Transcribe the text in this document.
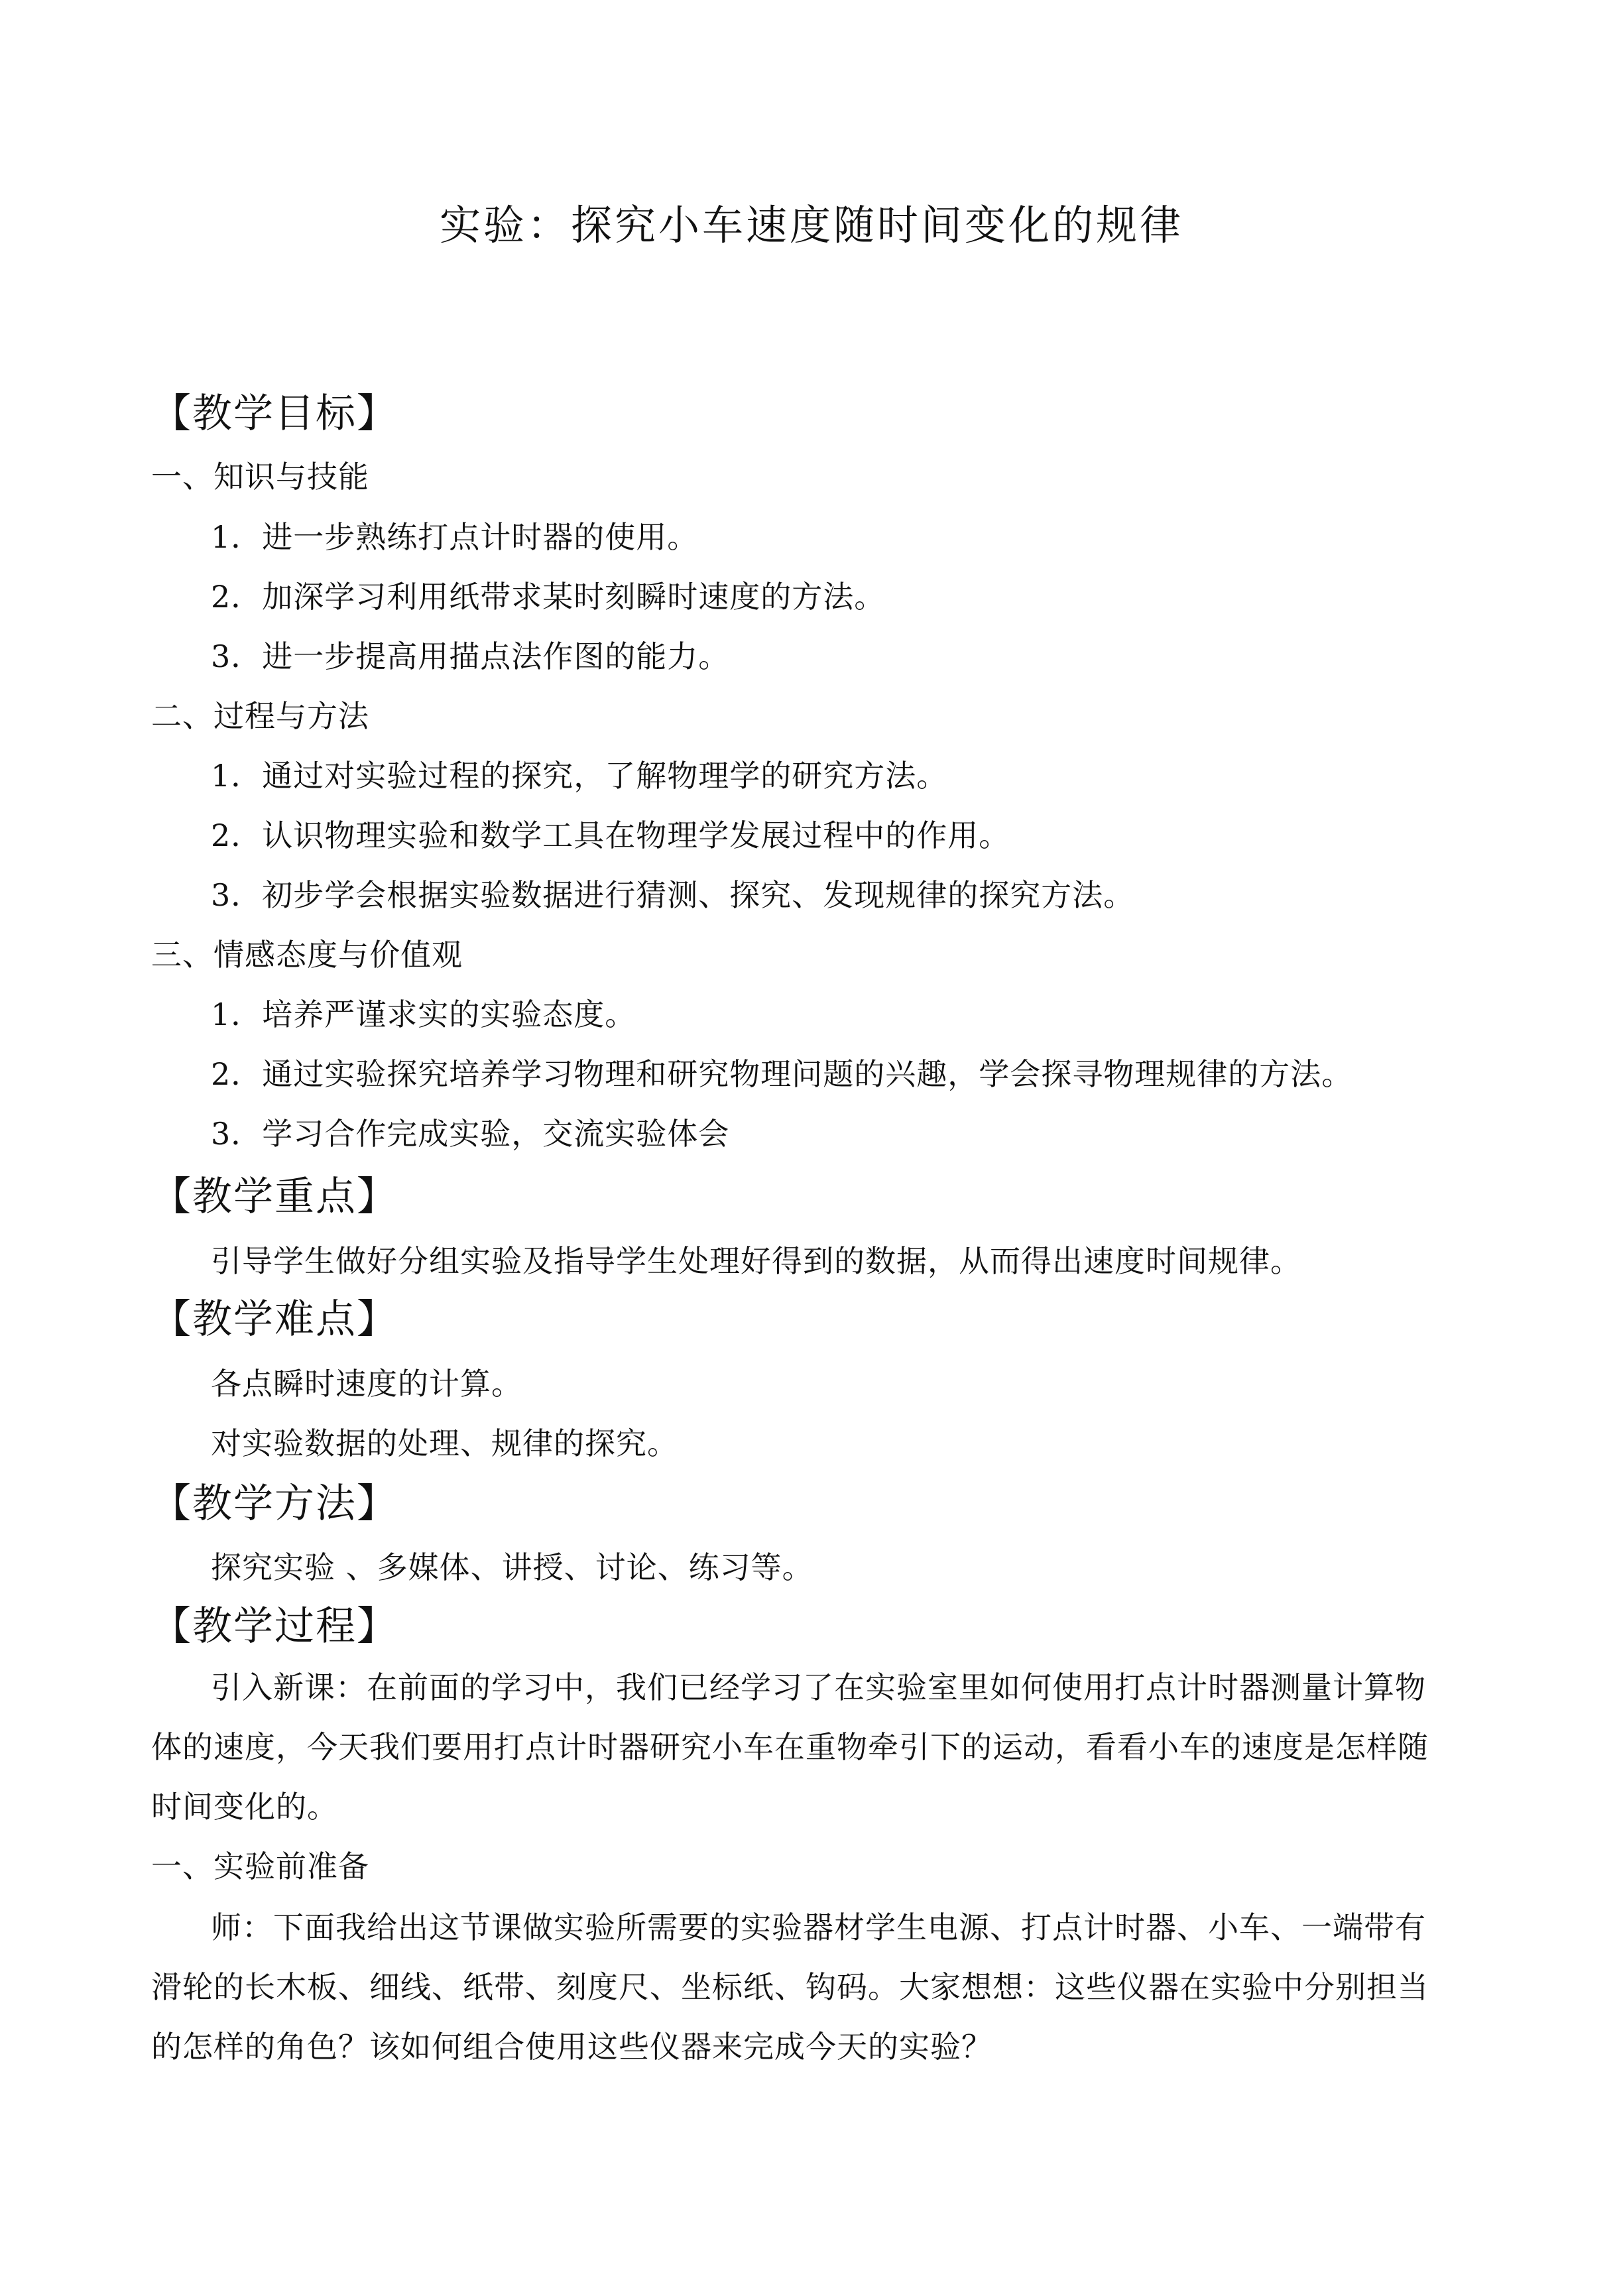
实验：探究小车速度随时间变化的规律
【教学目标】
一、知识与技能
1．进一步熟练打点计时器的使用。
2．加深学习利用纸带求某时刻瞬时速度的方法。
3．进一步提高用描点法作图的能力。
二、过程与方法
1．通过对实验过程的探究，了解物理学的研究方法。
2．认识物理实验和数学工具在物理学发展过程中的作用。
3．初步学会根据实验数据进行猜测、探究、发现规律的探究方法。
三、情感态度与价值观
1．培养严谨求实的实验态度。
2．通过实验探究培养学习物理和研究物理问题的兴趣，学会探寻物理规律的方法。
3．学习合作完成实验，交流实验体会
【教学重点】
引导学生做好分组实验及指导学生处理好得到的数据，从而得出速度时间规律。
【教学难点】
各点瞬时速度的计算。
对实验数据的处理、规律的探究。
【教学方法】
探究实验 、多媒体、讲授、讨论、练习等。
【教学过程】
引入新课：在前面的学习中，我们已经学习了在实验室里如何使用打点计时器测量计算物
体的速度，今天我们要用打点计时器研究小车在重物牵引下的运动，看看小车的速度是怎样随
时间变化的。
一、实验前准备
师：下面我给出这节课做实验所需要的实验器材学生电源、打点计时器、小车、一端带有
滑轮的长木板、细线、纸带、刻度尺、坐标纸、钩码。大家想想：这些仪器在实验中分别担当
的怎样的角色？该如何组合使用这些仪器来完成今天的实验？
